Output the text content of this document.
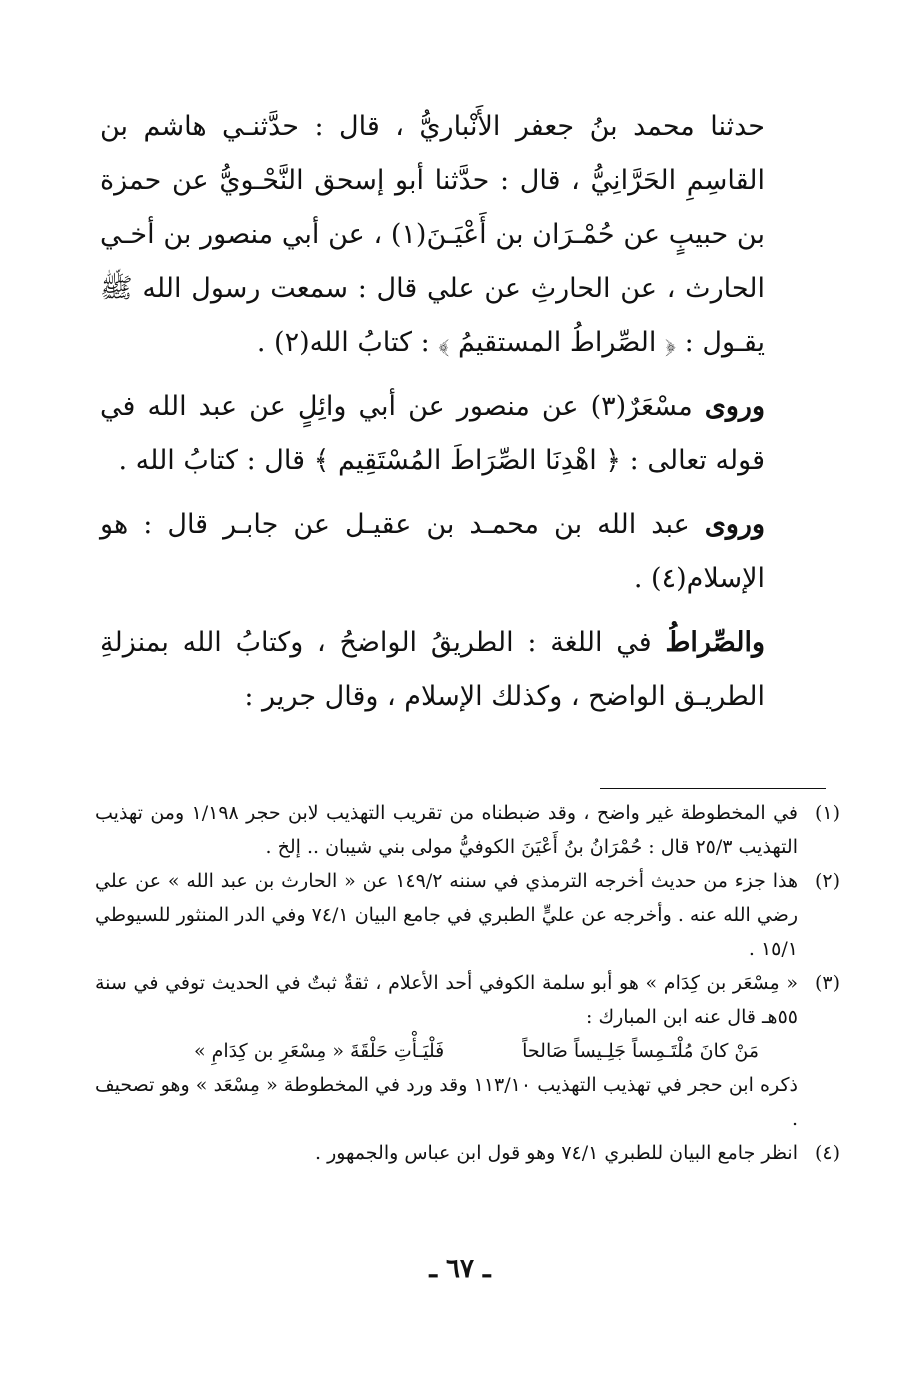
حدثنا محمد بنُ جعفر الأَنْباريُّ ، قال : حدَّثنـي هاشم بن القاسِمِ الحَرَّانِيُّ ، قال : حدَّثنا أبو إسحق النَّحْـويُّ عن حمزة بن حبيبٍ عن حُمْـرَان بن أَعْيَـنَ(١) ، عن أبي منصور بن أخـي الحارث ، عن الحارثِ عن علي قال : سمعت رسول الله ﷺ يقـول : ﴿ الصِّراطُ المستقيمُ ﴾ : كتابُ الله(٢) .

وروى مسْعَرٌ(٣) عن منصور عن أبي وائِلٍ عن عبد الله في قوله تعالى : ﴿ اهْدِنَا الصِّرَاطَ المُسْتَقِيم ﴾ قال : كتابُ الله .

وروى عبد الله بن محمـد بن عقيـل عن جابـر قال : هو الإسلام(٤) .

والصِّراطُ في اللغة : الطريقُ الواضحُ ، وكتابُ الله بمنزلةِ الطريـق الواضح ، وكذلك الإسلام ، وقال جرير :

(١)
في المخطوطة غير واضح ، وقد ضبطناه من تقريب التهذيب لابن حجر ١/١٩٨ ومن تهذيب التهذيب ٢٥/٣ قال : حُمْرَانُ بنُ أَعْيَنَ الكوفيُّ مولى بني شيبان .. إلخ .
(٢)
هذا جزء من حديث أخرجه الترمذي في سننه ١٤٩/٢ عن « الحارث بن عبد الله » عن علي رضي الله عنه . وأخرجه عن عليٍّ الطبري في جامع البيان ٧٤/١ وفي الدر المنثور للسيوطي ١٥/١ .
(٣)
« مِسْعَر بن كِدَام » هو أبو سلمة الكوفي أحد الأعلام ، ثقةٌ ثبتٌ في الحديث توفي في سنة ٥٥هـ قال عنه ابن المبارك :
مَنْ كانَ مُلْتَـمِساً جَلِـيساً صَالحاً
فَلْيَـأْتِ حَلْقَةَ « مِسْعَرِ بن كِدَامِ »
ذكره ابن حجر في تهذيب التهذيب ١١٣/١٠ وقد ورد في المخطوطة « مِسْعَد » وهو تصحيف .
(٤)
انظر جامع البيان للطبري ٧٤/١ وهو قول ابن عباس والجمهور .
ـ ٦٧ ـ
